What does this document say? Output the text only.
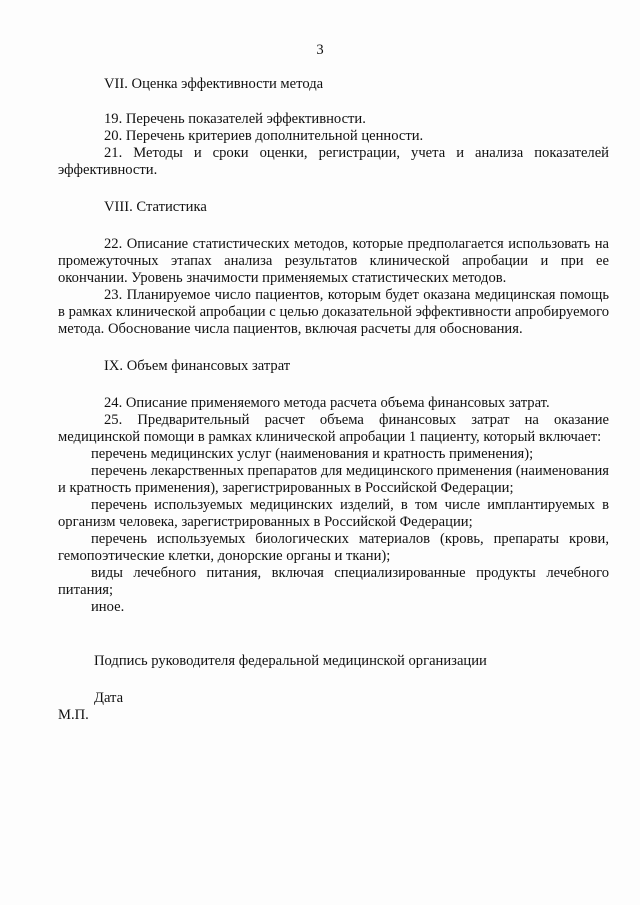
3
VII. Оценка эффективности метода
19. Перечень показателей эффективности.
20. Перечень критериев дополнительной ценности.
21. Методы и сроки оценки, регистрации, учета и анализа показателей эффективности.
VIII. Статистика
22. Описание статистических методов, которые предполагается использовать на промежуточных этапах анализа результатов клинической апробации и при ее окончании. Уровень значимости применяемых статистических методов.
23. Планируемое число пациентов, которым будет оказана медицинская помощь в рамках клинической апробации с целью доказательной эффективности апробируемого метода. Обоснование числа пациентов, включая расчеты для обоснования.
IX. Объем финансовых затрат
24. Описание применяемого метода расчета объема финансовых затрат.
25. Предварительный расчет объема финансовых затрат на оказание медицинской помощи в рамках клинической апробации 1 пациенту, который включает:
перечень медицинских услуг (наименования и кратность применения);
перечень лекарственных препаратов для медицинского применения (наименования и кратность применения), зарегистрированных в Российской Федерации;
перечень используемых медицинских изделий, в том числе имплантируемых в организм человека, зарегистрированных в Российской Федерации;
перечень используемых биологических материалов (кровь, препараты крови, гемопоэтические клетки, донорские органы и ткани);
виды лечебного питания, включая специализированные продукты лечебного питания;
иное.
Подпись руководителя федеральной медицинской организации
Дата
М.П.
